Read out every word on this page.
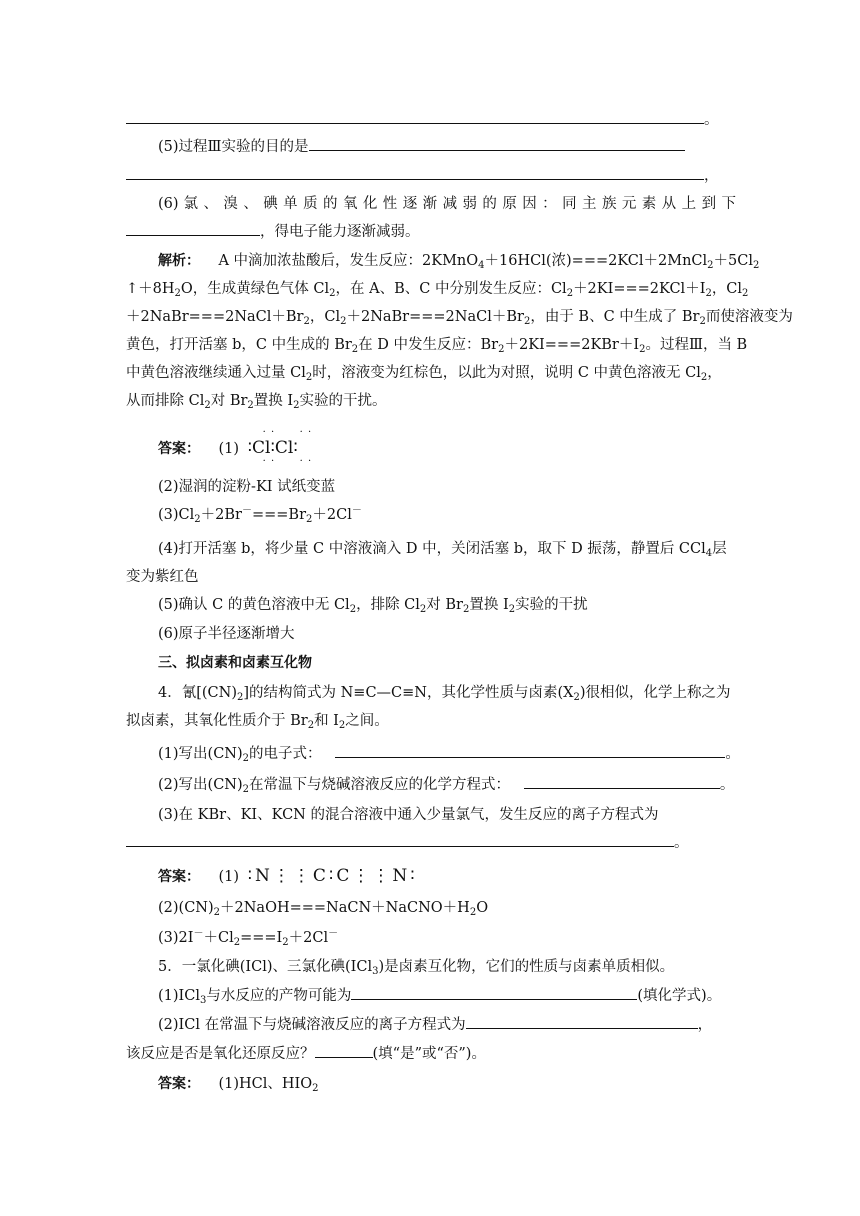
。
(5)过程Ⅲ实验的目的是
，
(6) 氯 、 溴 、 碘 单 质 的 氧 化 性 逐 渐 减 弱 的 原 因 ： 同 主 族 元 素 从 上 到 下
，得电子能力逐渐减弱。
解析： A 中滴加浓盐酸后，发生反应：2KMnO$_4$＋16HCl(浓)$===2KCl+2MnCl_2+5Cl_2$
$↑+8H_2O$，生成黄绿色气体 $Cl_2$，在 A、B、C 中分别发生反应：$Cl_2+2KI===2KCl+I_2$，$Cl_2$
$+2NaBr===2NaCl+Br_2$，$Cl_2+2NaBr===2NaCl+Br_2$，由于 B、C 中生成了 $Br_2$而使溶液变为
黄色，打开活塞 b，C 中生成的 $Br_2$在 D 中发生反应：$Br_2+2KI===2KBr+I_2$。过程Ⅲ，当 B
中黄色溶液继续通入过量 $Cl_2$时，溶液变为红棕色，以此为对照，说明 C 中黄色溶液无 $Cl_2$，
从而排除 $Cl_2$对 $Br_2$置换 $I_2$实验的干扰。
答案： (1)
· · · ·
∶Cl∶Cl∶
· · · ·
(2)湿润的淀粉-KI 试纸变蓝
$(3)Cl_2+2Br^-===Br_2+2Cl^-$
(4)打开活塞 b，将少量 C 中溶液滴入 D 中，关闭活塞 b，取下 D 振荡，静置后 CCl$_4$层
变为紫红色
(5)确认 C 的黄色溶液中无 $Cl_2$，排除 $Cl_2$对 $Br_2$置换 $I_2$实验的干扰
(6)原子半径逐渐增大
三、拟卤素和卤素互化物
4．氰$[(CN)_2]$的结构简式为 N≡C—C≡N，其化学性质与卤素$(X_2)$很相似，化学上称之为
拟卤素，其氧化性质介于 $Br_2$和 $I_2$之间。
(1)写出$(CN)_2$的电子式：	。
(2)写出$(CN)_2$在常温下与烧碱溶液反应的化学方程式：	。
(3)在 KBr、KI、KCN 的混合溶液中通入少量氯气，发生反应的离子方程式为
。
答案： (1) ∶N⋮⋮C∶C⋮⋮N∶
$(2)(CN)_2+2NaOH===NaCN+NaCNO+H_2O$
$(3)2I^-+Cl_2===I_2+2Cl^-$
5．一氯化碘(ICl)、三氯化碘(ICl$_3$)是卤素互化物，它们的性质与卤素单质相似。
(1)ICl$_3$与水反应的产物可能为	(填化学式)。
(2)ICl 在常温下与烧碱溶液反应的离子方程式为	，
该反应是否是氧化还原反应？	(填“是”或“否”)。
答案： (1)HCl、$HIO_2$
